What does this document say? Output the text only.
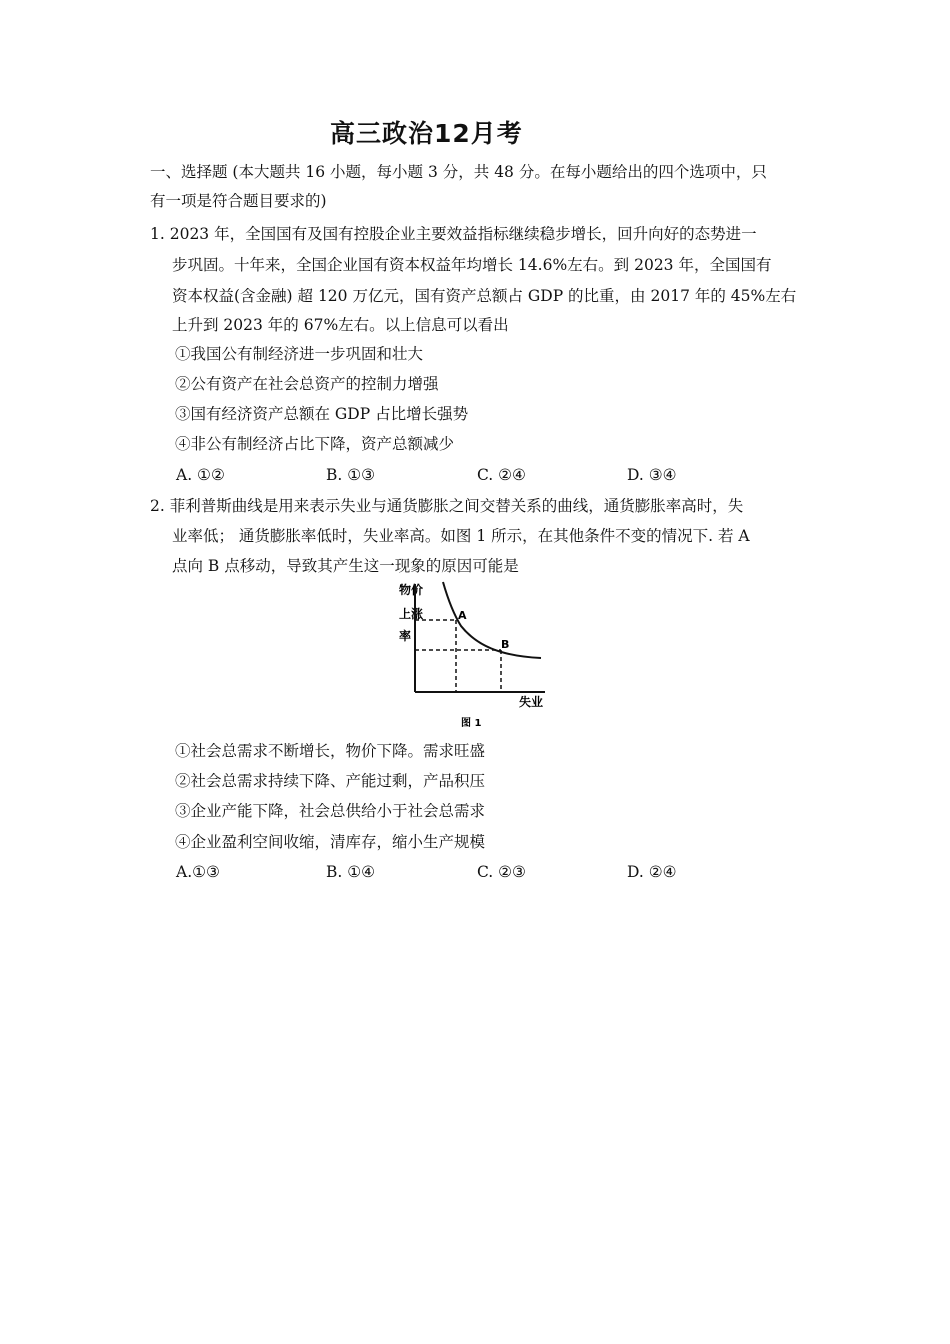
高三政治12月考
一、选择题 (本大题共 16 小题，每小题 3 分，共 48 分。在每小题给出的四个选项中，只
有一项是符合题目要求的)
1. 2023 年，全国国有及国有控股企业主要效益指标继续稳步增长，回升向好的态势进一
步巩固。十年来，全国企业国有资本权益年均增长 14.6%左右。到 2023 年，全国国有
资本权益(含金融) 超 120 万亿元，国有资产总额占 GDP 的比重，由 2017 年的 45%左右
上升到 2023 年的 67%左右。以上信息可以看出
①我国公有制经济进一步巩固和壮大
②公有资产在社会总资产的控制力增强
③国有经济资产总额在 GDP 占比增长强势
④非公有制经济占比下降，资产总额减少
A. ①②	B. ①③	C. ②④	D. ③④
2. 菲利普斯曲线是用来表示失业与通货膨胀之间交替关系的曲线，通货膨胀率高时，失
业率低； 通货膨胀率低时，失业率高。如图 1 所示，在其他条件不变的情况下. 若 A
点向 B 点移动，导致其产生这一现象的原因可能是
物价
上涨
率
A
B
失业
图 1
①社会总需求不断增长，物价下降。需求旺盛
②社会总需求持续下降、产能过剩，产品积压
③企业产能下降，社会总供给小于社会总需求
④企业盈利空间收缩，清库存，缩小生产规模
A.①③	B. ①④	C. ②③	D. ②④
